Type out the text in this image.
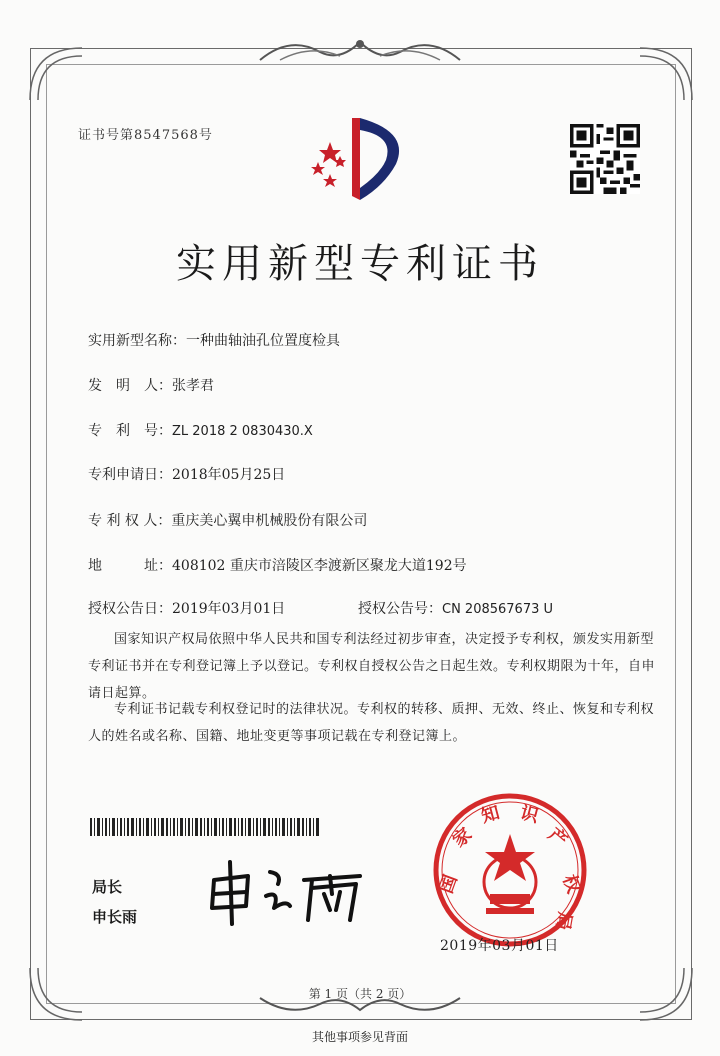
证书号第8547568号
实用新型专利证书
实用新型名称：一种曲轴油孔位置度检具
发　明　人：张孝君
专　利　号：ZL 2018 2 0830430.X
专利申请日：2018年05月25日
专 利 权 人：重庆美心翼申机械股份有限公司
地　　　址：408102 重庆市涪陵区李渡新区聚龙大道192号
授权公告日：2019年03月01日	授权公告号：CN 208567673 U
国家知识产权局依照中华人民共和国专利法经过初步审查，决定授予专利权，颁发实用新型专利证书并在专利登记簿上予以登记。专利权自授权公告之日起生效。专利权期限为十年，自申请日起算。
专利证书记载专利权登记时的法律状况。专利权的转移、质押、无效、终止、恢复和专利权人的姓名或名称、国籍、地址变更等事项记载在专利登记簿上。
局长
申长雨
国
家
知 识
产
权
局
2019年03月01日
第 1 页（共 2 页）
其他事项参见背面
